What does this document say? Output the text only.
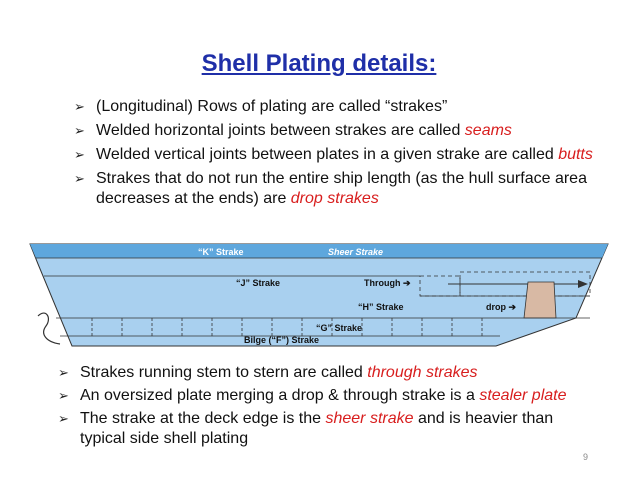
Shell Plating details:
➢ (Longitudinal) Rows of plating are called “strakes”
➢ Welded horizontal joints between strakes are called seams
➢ Welded vertical joints between plates in a given strake are called butts
➢ Strakes that do not run the entire ship length (as the hull surface area decreases at the ends) are drop strakes
“K” Strake	Sheer Strake
“J” Strake	Through ➔
“H” Strake	drop ➔
“G” Strake
Bilge (“F”) Strake
➢ Strakes running stem to stern are called through strakes
➢ An oversized plate merging a drop & through strake is a stealer plate
➢ The strake at the deck edge is the sheer strake and is heavier than typical side shell plating
9
